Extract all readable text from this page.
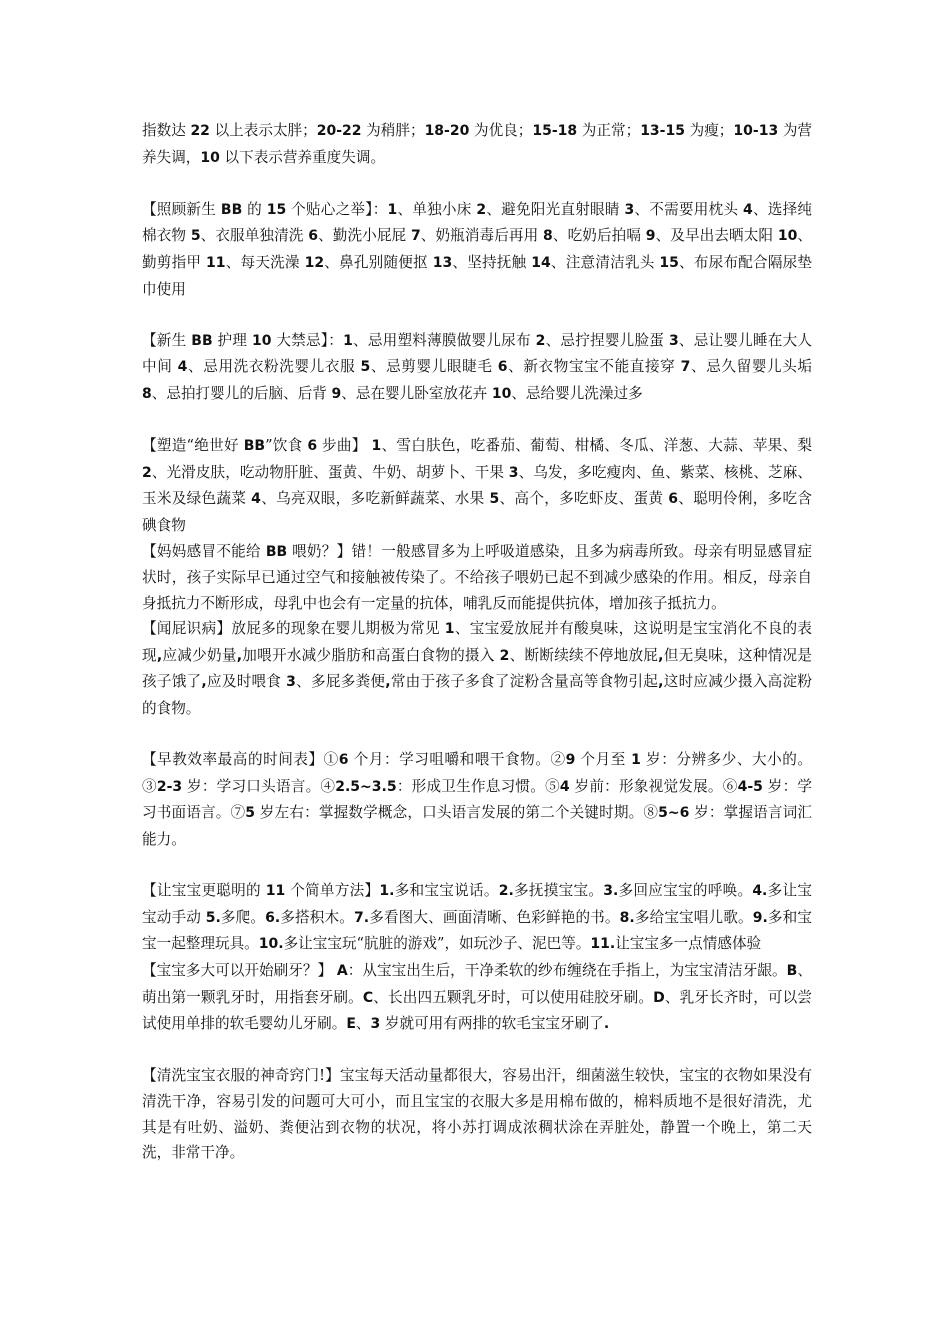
指数达 22 以上表示太胖；20-22 为稍胖；18-20 为优良；15-18 为正常；13-15 为瘦；10-13 为营养失调，10 以下表示营养重度失调。

【照顾新生 BB 的 15 个贴心之举】：1、单独小床 2、避免阳光直射眼睛 3、不需要用枕头 4、选择纯棉衣物 5、衣服单独清洗 6、勤洗小屁屁 7、奶瓶消毒后再用 8、吃奶后拍嗝 9、及早出去晒太阳 10、勤剪指甲 11、每天洗澡 12、鼻孔别随便抠 13、坚持抚触 14、注意清洁乳头 15、布尿布配合隔尿垫巾使用

【新生 BB 护理 10 大禁忌】：1、忌用塑料薄膜做婴儿尿布 2、忌拧捏婴儿脸蛋 3、忌让婴儿睡在大人中间 4、忌用洗衣粉洗婴儿衣服 5、忌剪婴儿眼睫毛 6、新衣物宝宝不能直接穿 7、忌久留婴儿头垢 8、忌拍打婴儿的后脑、后背 9、忌在婴儿卧室放花卉 10、忌给婴儿洗澡过多

【塑造“绝世好 BB”饮食 6 步曲】 1、雪白肤色，吃番茄、葡萄、柑橘、冬瓜、洋葱、大蒜、苹果、梨 2、光滑皮肤，吃动物肝脏、蛋黄、牛奶、胡萝卜、干果 3、乌发，多吃瘦肉、鱼、紫菜、核桃、芝麻、玉米及绿色蔬菜 4、乌亮双眼，多吃新鲜蔬菜、水果 5、高个，多吃虾皮、蛋黄 6、聪明伶俐，多吃含碘食物

【妈妈感冒不能给 BB 喂奶？】错！一般感冒多为上呼吸道感染，且多为病毒所致。母亲有明显感冒症状时，孩子实际早已通过空气和接触被传染了。不给孩子喂奶已起不到减少感染的作用。相反，母亲自身抵抗力不断形成，母乳中也会有一定量的抗体，哺乳反而能提供抗体，增加孩子抵抗力。

【闻屁识病】放屁多的现象在婴儿期极为常见 1、宝宝爱放屁并有酸臭味，这说明是宝宝消化不良的表现,应减少奶量,加喂开水减少脂肪和高蛋白食物的摄入 2、断断续续不停地放屁,但无臭味，这种情况是孩子饿了,应及时喂食 3、多屁多粪便,常由于孩子多食了淀粉含量高等食物引起,这时应减少摄入高淀粉的食物。

【早教效率最高的时间表】①6 个月：学习咀嚼和喂干食物。②9 个月至 1 岁：分辨多少、大小的。③2-3 岁：学习口头语言。④2.5~3.5：形成卫生作息习惯。⑤4 岁前：形象视觉发展。⑥4-5 岁：学习书面语言。⑦5 岁左右：掌握数学概念，口头语言发展的第二个关键时期。⑧5~6 岁：掌握语言词汇能力。

【让宝宝更聪明的 11 个简单方法】1.多和宝宝说话。2.多抚摸宝宝。3.多回应宝宝的呼唤。4.多让宝宝动手动 5.多爬。6.多搭积木。7.多看图大、画面清晰、色彩鲜艳的书。8.多给宝宝唱儿歌。9.多和宝宝一起整理玩具。10.多让宝宝玩“肮脏的游戏”，如玩沙子、泥巴等。11.让宝宝多一点情感体验

【宝宝多大可以开始刷牙？】 A：从宝宝出生后，干净柔软的纱布缠绕在手指上，为宝宝清洁牙龈。B、萌出第一颗乳牙时，用指套牙刷。C、长出四五颗乳牙时，可以使用硅胶牙刷。D、乳牙长齐时，可以尝试使用单排的软毛婴幼儿牙刷。E、3 岁就可用有两排的软毛宝宝牙刷了.

【清洗宝宝衣服的神奇窍门!】宝宝每天活动量都很大，容易出汗，细菌滋生较快，宝宝的衣物如果没有清洗干净，容易引发的问题可大可小，而且宝宝的衣服大多是用棉布做的，棉料质地不是很好清洗，尤其是有吐奶、溢奶、粪便沾到衣物的状况，将小苏打调成浓稠状涂在弄脏处，静置一个晚上，第二天洗，非常干净。
